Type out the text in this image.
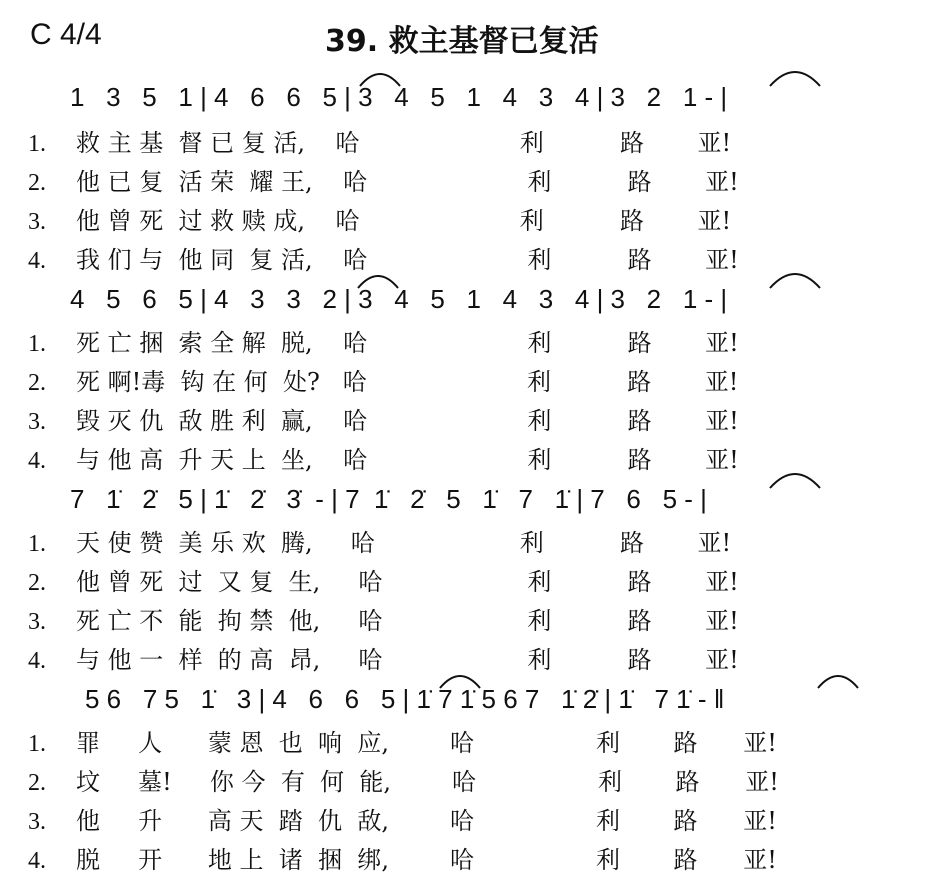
C 4/4	39. 救主基督已复活
1   3   5   1 | 4   6   6   5 | 3   4   5   1   4   3   4 | 3   2   1 - |
1. 救 主 基  督 已 复 活,    哈                     利          路       亚!
2. 他 已 复  活 荣  耀 王,    哈                     利          路       亚!
3. 他 曾 死  过 救 赎 成,    哈                     利          路       亚!
4. 我 们 与  他 同  复 活,    哈                     利          路       亚!
4   5   6   5 | 4   3   3   2 | 3   4   5   1   4   3   4 | 3   2   1 - |
1. 死 亡 捆  索 全 解  脱,    哈                     利          路       亚!
2. 死 啊!毒  钩 在 何  处?   哈                     利          路       亚!
3. 毁 灭 仇  敌 胜 利  赢,    哈                     利          路       亚!
4. 与 他 高  升 天 上  坐,    哈                     利          路       亚!
7   1̇   2̇   5 | 1̇   2̇   3̇  - | 7  1̇   2̇   5   1̇   7   1̇ | 7   6   5 - |
1. 天 使 赞  美 乐 欢  腾,     哈                   利          路       亚!
2. 他 曾 死  过  又 复  生,     哈                   利          路       亚!
3. 死 亡 不  能  拘 禁  他,     哈                   利          路       亚!
4. 与 他 一  样  的 高  昂,     哈                   利          路       亚!
5 6   7 5   1̇   3 | 4   6   6   5 | 1̇ 7 1̇ 5 6 7   1̇ 2̇ | 1̇   7 1̇ - ‖
1. 罪     人      蒙 恩  也  响  应,        哈                利       路      亚!
2. 坟     墓!     你 今  有  何  能,        哈                利       路      亚!
3. 他     升      高 天  踏  仇  敌,        哈                利       路      亚!
4. 脱     开      地 上  诸  捆  绑,        哈                利       路      亚!
